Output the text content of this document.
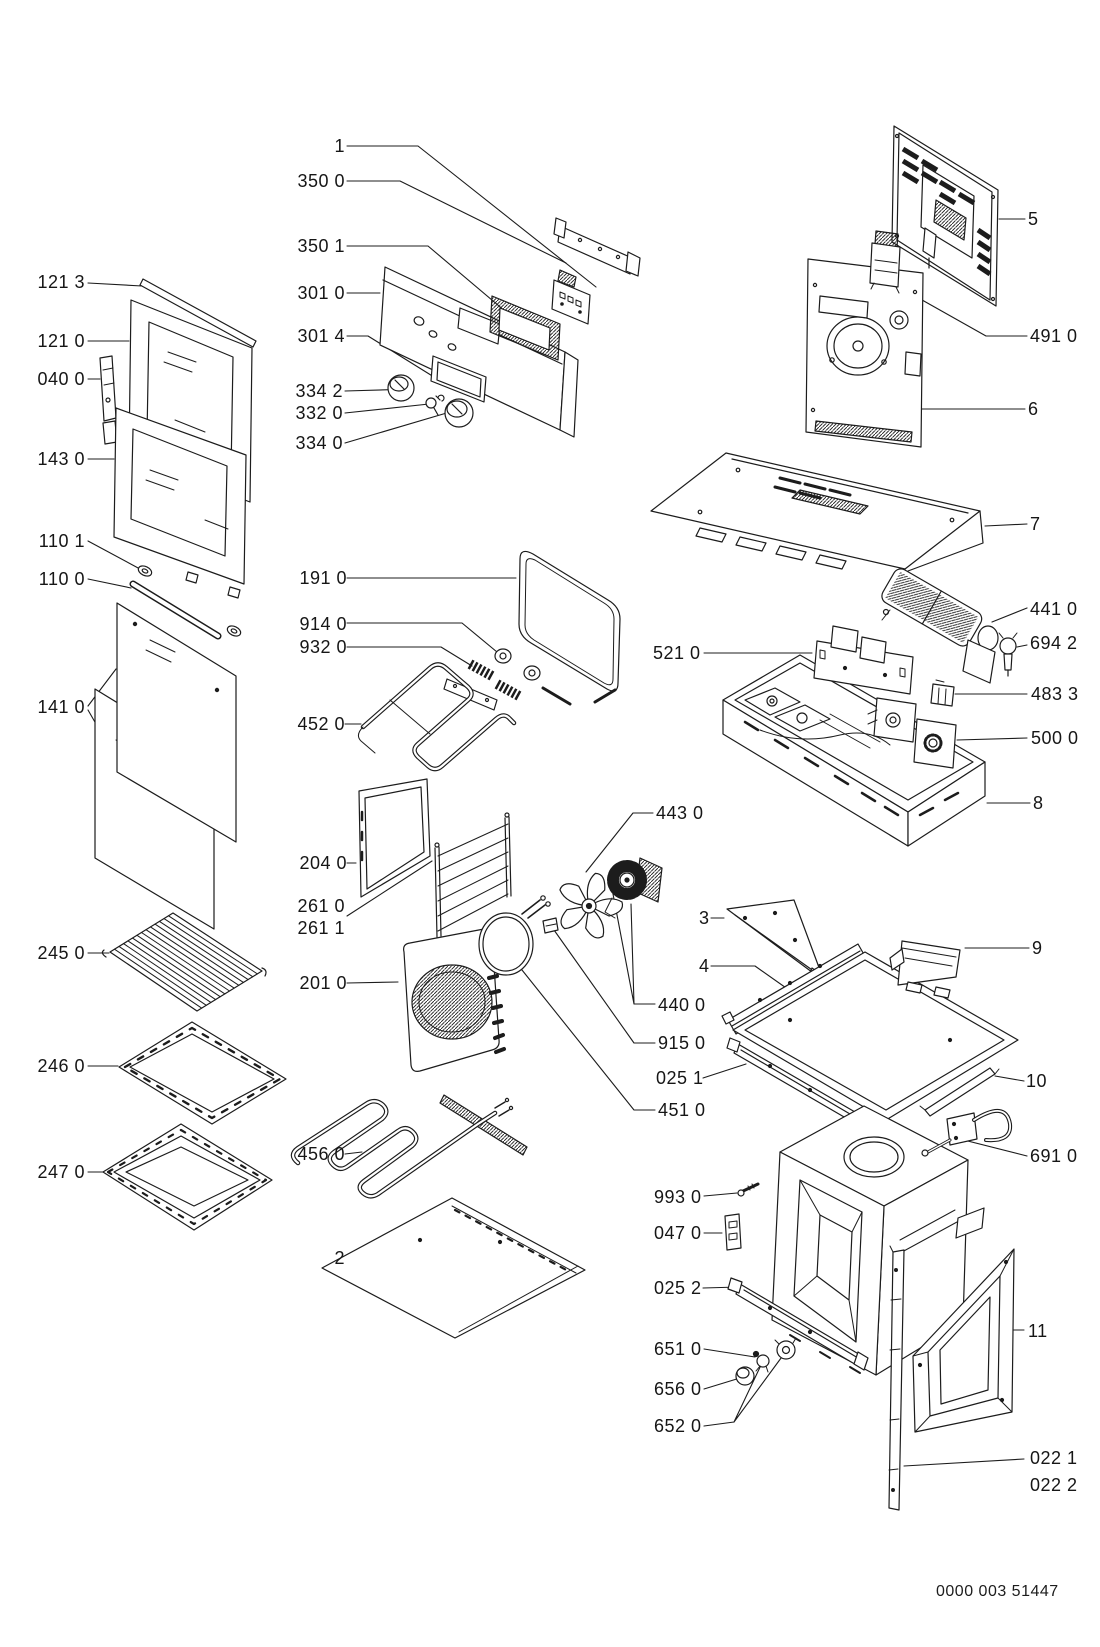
1
350 0
350 1
301 0
301 4
334 2
332 0
334 0
121 3
121 0
040 0
143 0
110 1
110 0
141 0
245 0
246 0
247 0
191 0
914 0
932 0
452 0
204 0
261 0
261 1
201 0
456 0
2
5
491 0
6
7
441 0
694 2
483 3
500 0
521 0
8
443 0
3
4
9
440 0
915 0
025 1
451 0
10
691 0
993 0
047 0
025 2
651 0
656 0
652 0
11
022 1
022 2
0000 003 51447
